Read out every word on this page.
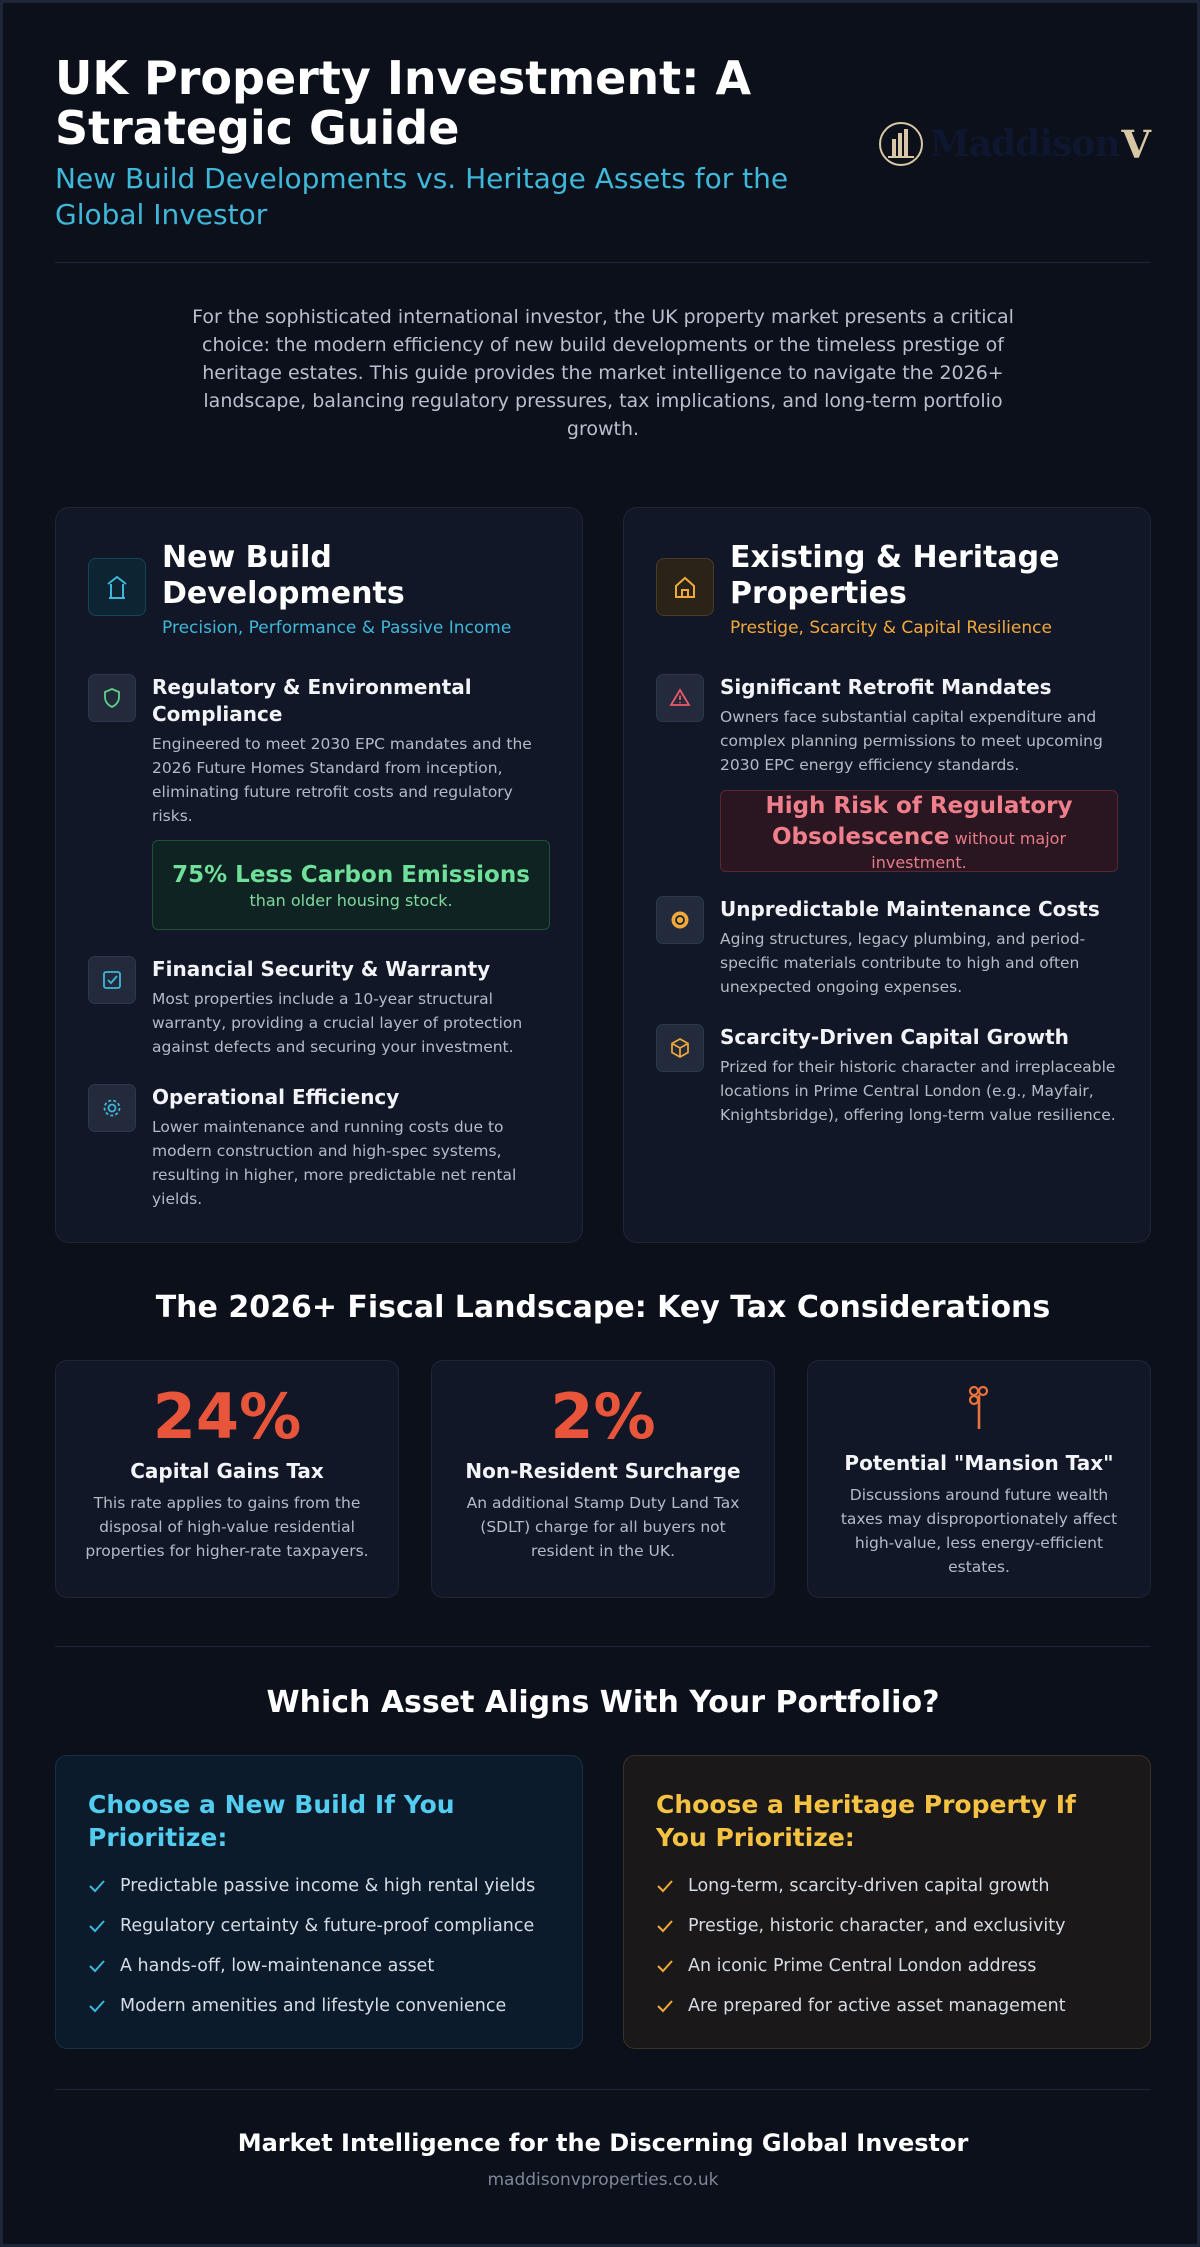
UK Property Investment: A Strategic Guide
New Build Developments vs. Heritage Assets for the Global Investor
Maddison V
For the sophisticated international investor, the UK property market presents a critical choice: the modern efficiency of new build developments or the timeless prestige of heritage estates. This guide provides the market intelligence to navigate the 2026+ landscape, balancing regulatory pressures, tax implications, and long-term portfolio growth.
New Build Developments
Precision, Performance & Passive Income
Regulatory & Environmental Compliance
Engineered to meet 2030 EPC mandates and the 2026 Future Homes Standard from inception, eliminating future retrofit costs and regulatory risks.
75% Less Carbon Emissions than older housing stock.
Financial Security & Warranty
Most properties include a 10-year structural warranty, providing a crucial layer of protection against defects and securing your investment.
Operational Efficiency
Lower maintenance and running costs due to modern construction and high-spec systems, resulting in higher, more predictable net rental yields.
Existing & Heritage Properties
Prestige, Scarcity & Capital Resilience
Significant Retrofit Mandates
Owners face substantial capital expenditure and complex planning permissions to meet upcoming 2030 EPC energy efficiency standards.
High Risk of Regulatory Obsolescence without major investment.
Unpredictable Maintenance Costs
Aging structures, legacy plumbing, and period-specific materials contribute to high and often unexpected ongoing expenses.
Scarcity-Driven Capital Growth
Prized for their historic character and irreplaceable locations in Prime Central London (e.g., Mayfair, Knightsbridge), offering long-term value resilience.
The 2026+ Fiscal Landscape: Key Tax Considerations
24%
Capital Gains Tax
This rate applies to gains from the disposal of high-value residential properties for higher-rate taxpayers.
2%
Non-Resident Surcharge
An additional Stamp Duty Land Tax (SDLT) charge for all buyers not resident in the UK.
Potential "Mansion Tax"
Discussions around future wealth taxes may disproportionately affect high-value, less energy-efficient estates.
Which Asset Aligns With Your Portfolio?
Choose a New Build If You Prioritize:
Predictable passive income & high rental yields
Regulatory certainty & future-proof compliance
A hands-off, low-maintenance asset
Modern amenities and lifestyle convenience
Choose a Heritage Property If You Prioritize:
Long-term, scarcity-driven capital growth
Prestige, historic character, and exclusivity
An iconic Prime Central London address
Are prepared for active asset management
Market Intelligence for the Discerning Global Investor
maddisonvproperties.co.uk
